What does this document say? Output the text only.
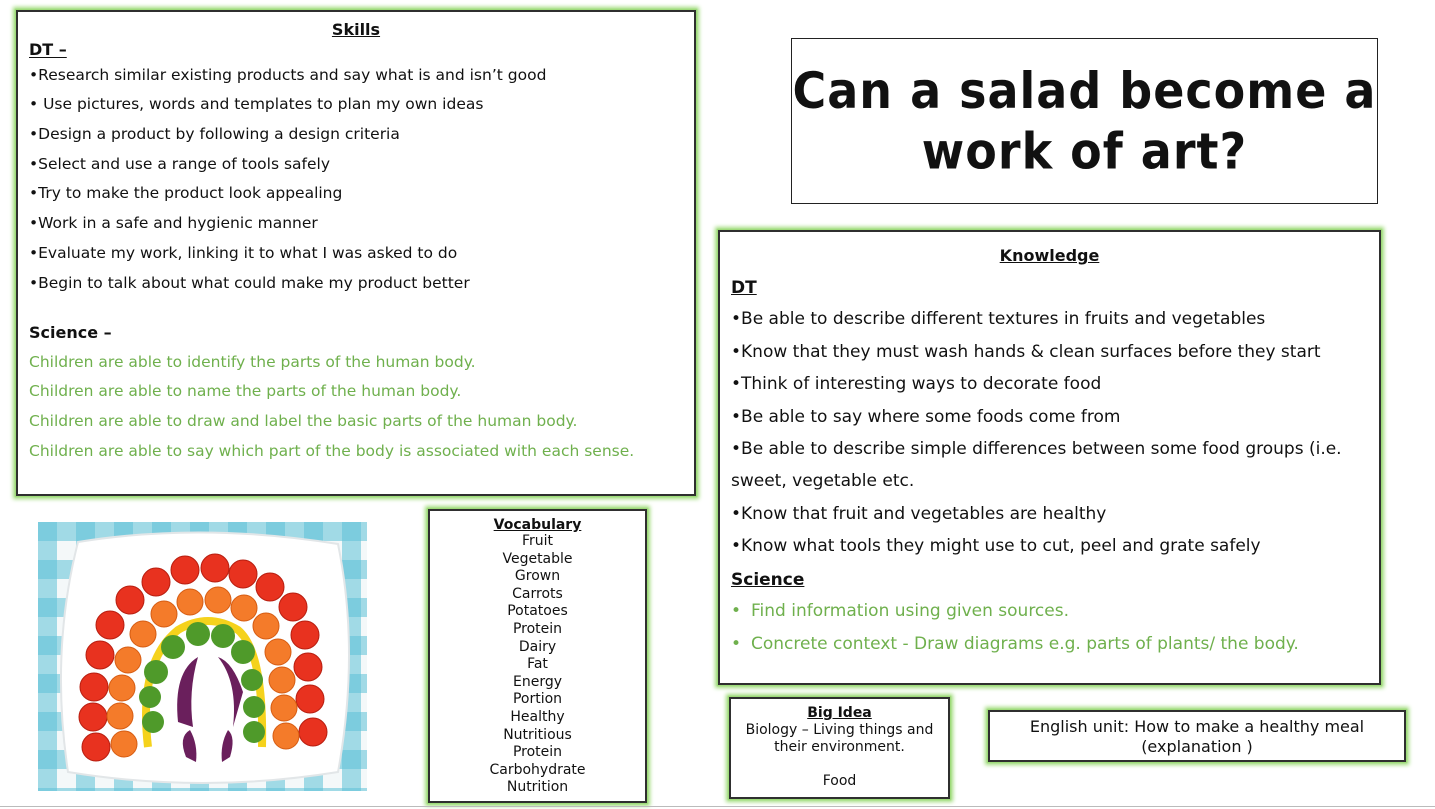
Skills
DT –
•Research similar existing products and say what is and isn’t good
• Use pictures, words and templates to plan my own ideas
•Design a product by following a design criteria
•Select and use a range of tools safely
•Try to make the product look appealing
•Work in a safe and hygienic manner
•Evaluate my work, linking it to what I was asked to do
•Begin to talk about what could make my product better
Science –
Children are able to identify the parts of the human body.
Children are able to name the parts of the human body.
Children are able to draw and label the basic parts of the human body.
Children are able to say which part of the body is associated with each sense.
Can a salad become a
work of art?
Knowledge
DT
•Be able to describe different textures in fruits and vegetables
•Know that they must wash hands & clean surfaces before they start
•Think of interesting ways to decorate food
•Be able to say where some foods come from
•Be able to describe simple differences between some food groups (i.e.
sweet, vegetable etc.
•Know that fruit and vegetables are healthy
•Know what tools they might use to cut, peel and grate safely
Science
• Find information using given sources.
• Concrete context - Draw diagrams e.g. parts of plants/ the body.
Vocabulary
Fruit
Vegetable
Grown
Carrots
Potatoes
Protein
Dairy
Fat
Energy
Portion
Healthy
Nutritious
Protein
Carbohydrate
Nutrition
Big Idea
Biology – Living things and
their environment.
Food
English unit: How to make a healthy meal
(explanation )
